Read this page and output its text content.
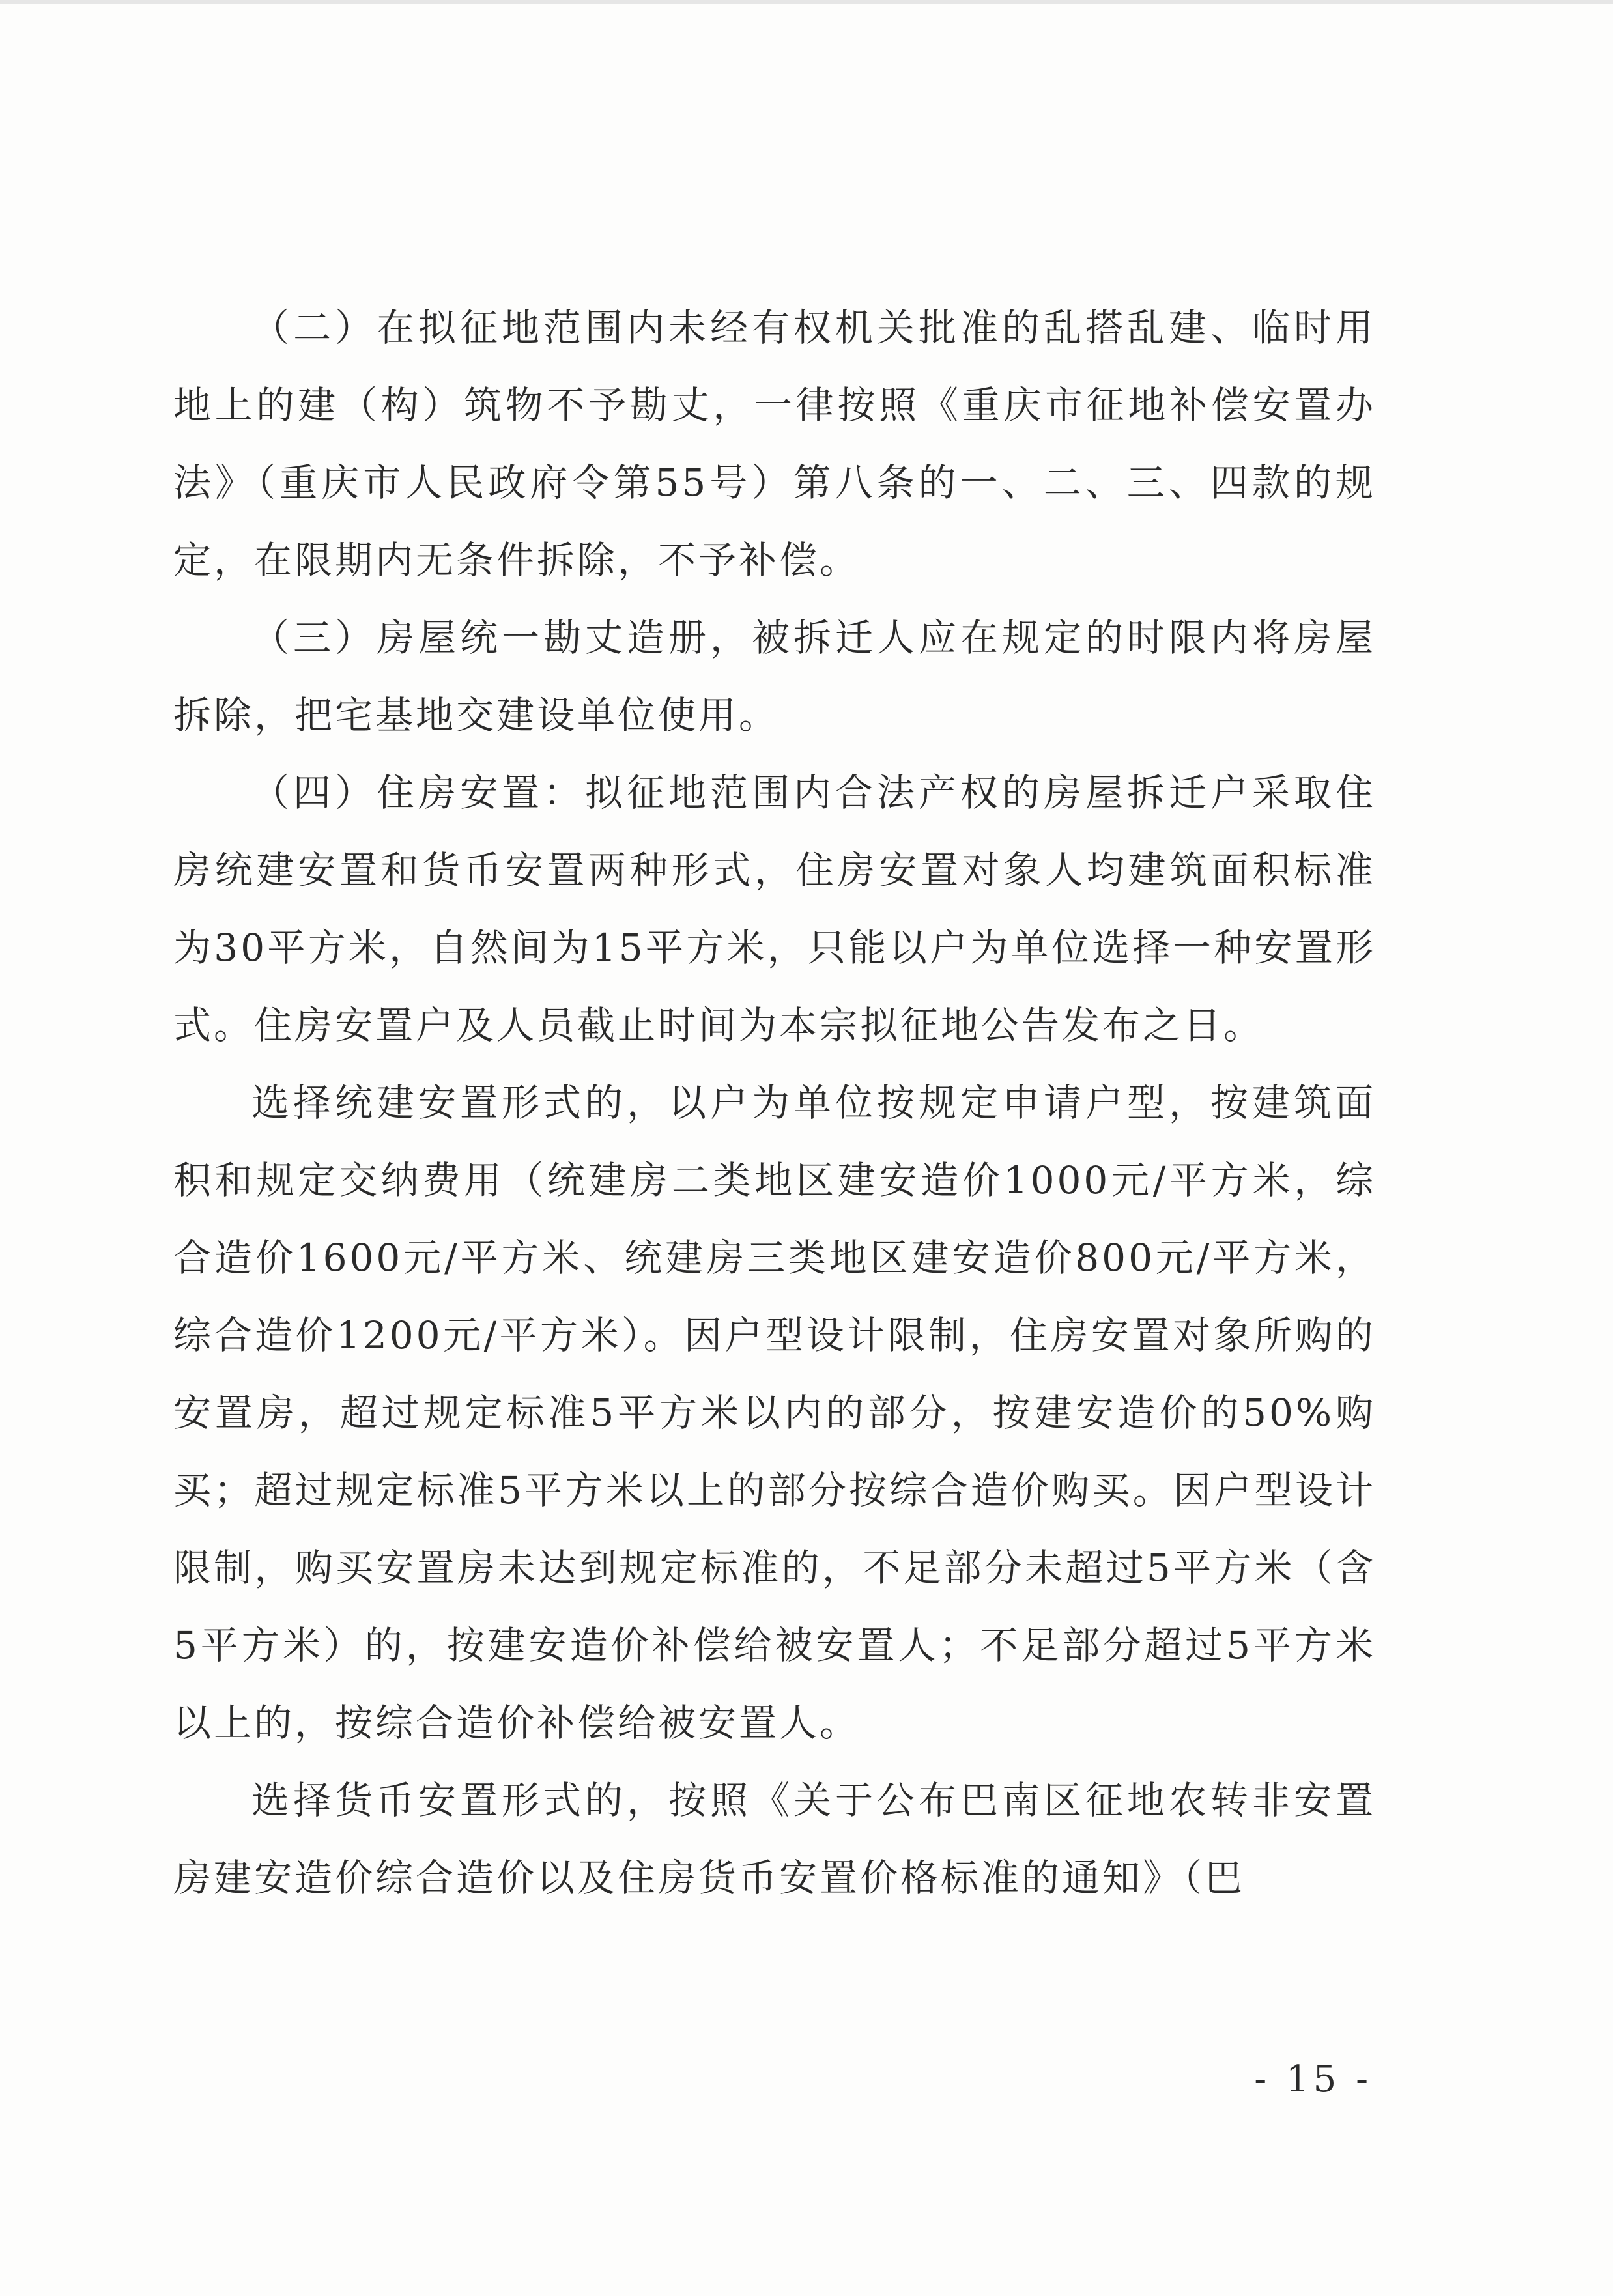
（二）在拟征地范围内未经有权机关批准的乱搭乱建、临时用地上的建（构）筑物不予勘丈，一律按照《重庆市征地补偿安置办法》（重庆市人民政府令第55号）第八条的一、二、三、四款的规定，在限期内无条件拆除，不予补偿。

（三）房屋统一勘丈造册，被拆迁人应在规定的时限内将房屋拆除，把宅基地交建设单位使用。

（四）住房安置：拟征地范围内合法产权的房屋拆迁户采取住房统建安置和货币安置两种形式，住房安置对象人均建筑面积标准为30平方米，自然间为15平方米，只能以户为单位选择一种安置形式。住房安置户及人员截止时间为本宗拟征地公告发布之日。

选择统建安置形式的，以户为单位按规定申请户型，按建筑面积和规定交纳费用（统建房二类地区建安造价1000元/平方米，综合造价1600元/平方米、统建房三类地区建安造价800元/平方米，综合造价1200元/平方米）。因户型设计限制，住房安置对象所购的安置房，超过规定标准5平方米以内的部分，按建安造价的50%购买；超过规定标准5平方米以上的部分按综合造价购买。因户型设计限制，购买安置房未达到规定标准的，不足部分未超过5平方米（含5平方米）的，按建安造价补偿给被安置人；不足部分超过5平方米以上的，按综合造价补偿给被安置人。

选择货币安置形式的，按照《关于公布巴南区征地农转非安置房建安造价综合造价以及住房货币安置价格标准的通知》（巴

- 15 -
